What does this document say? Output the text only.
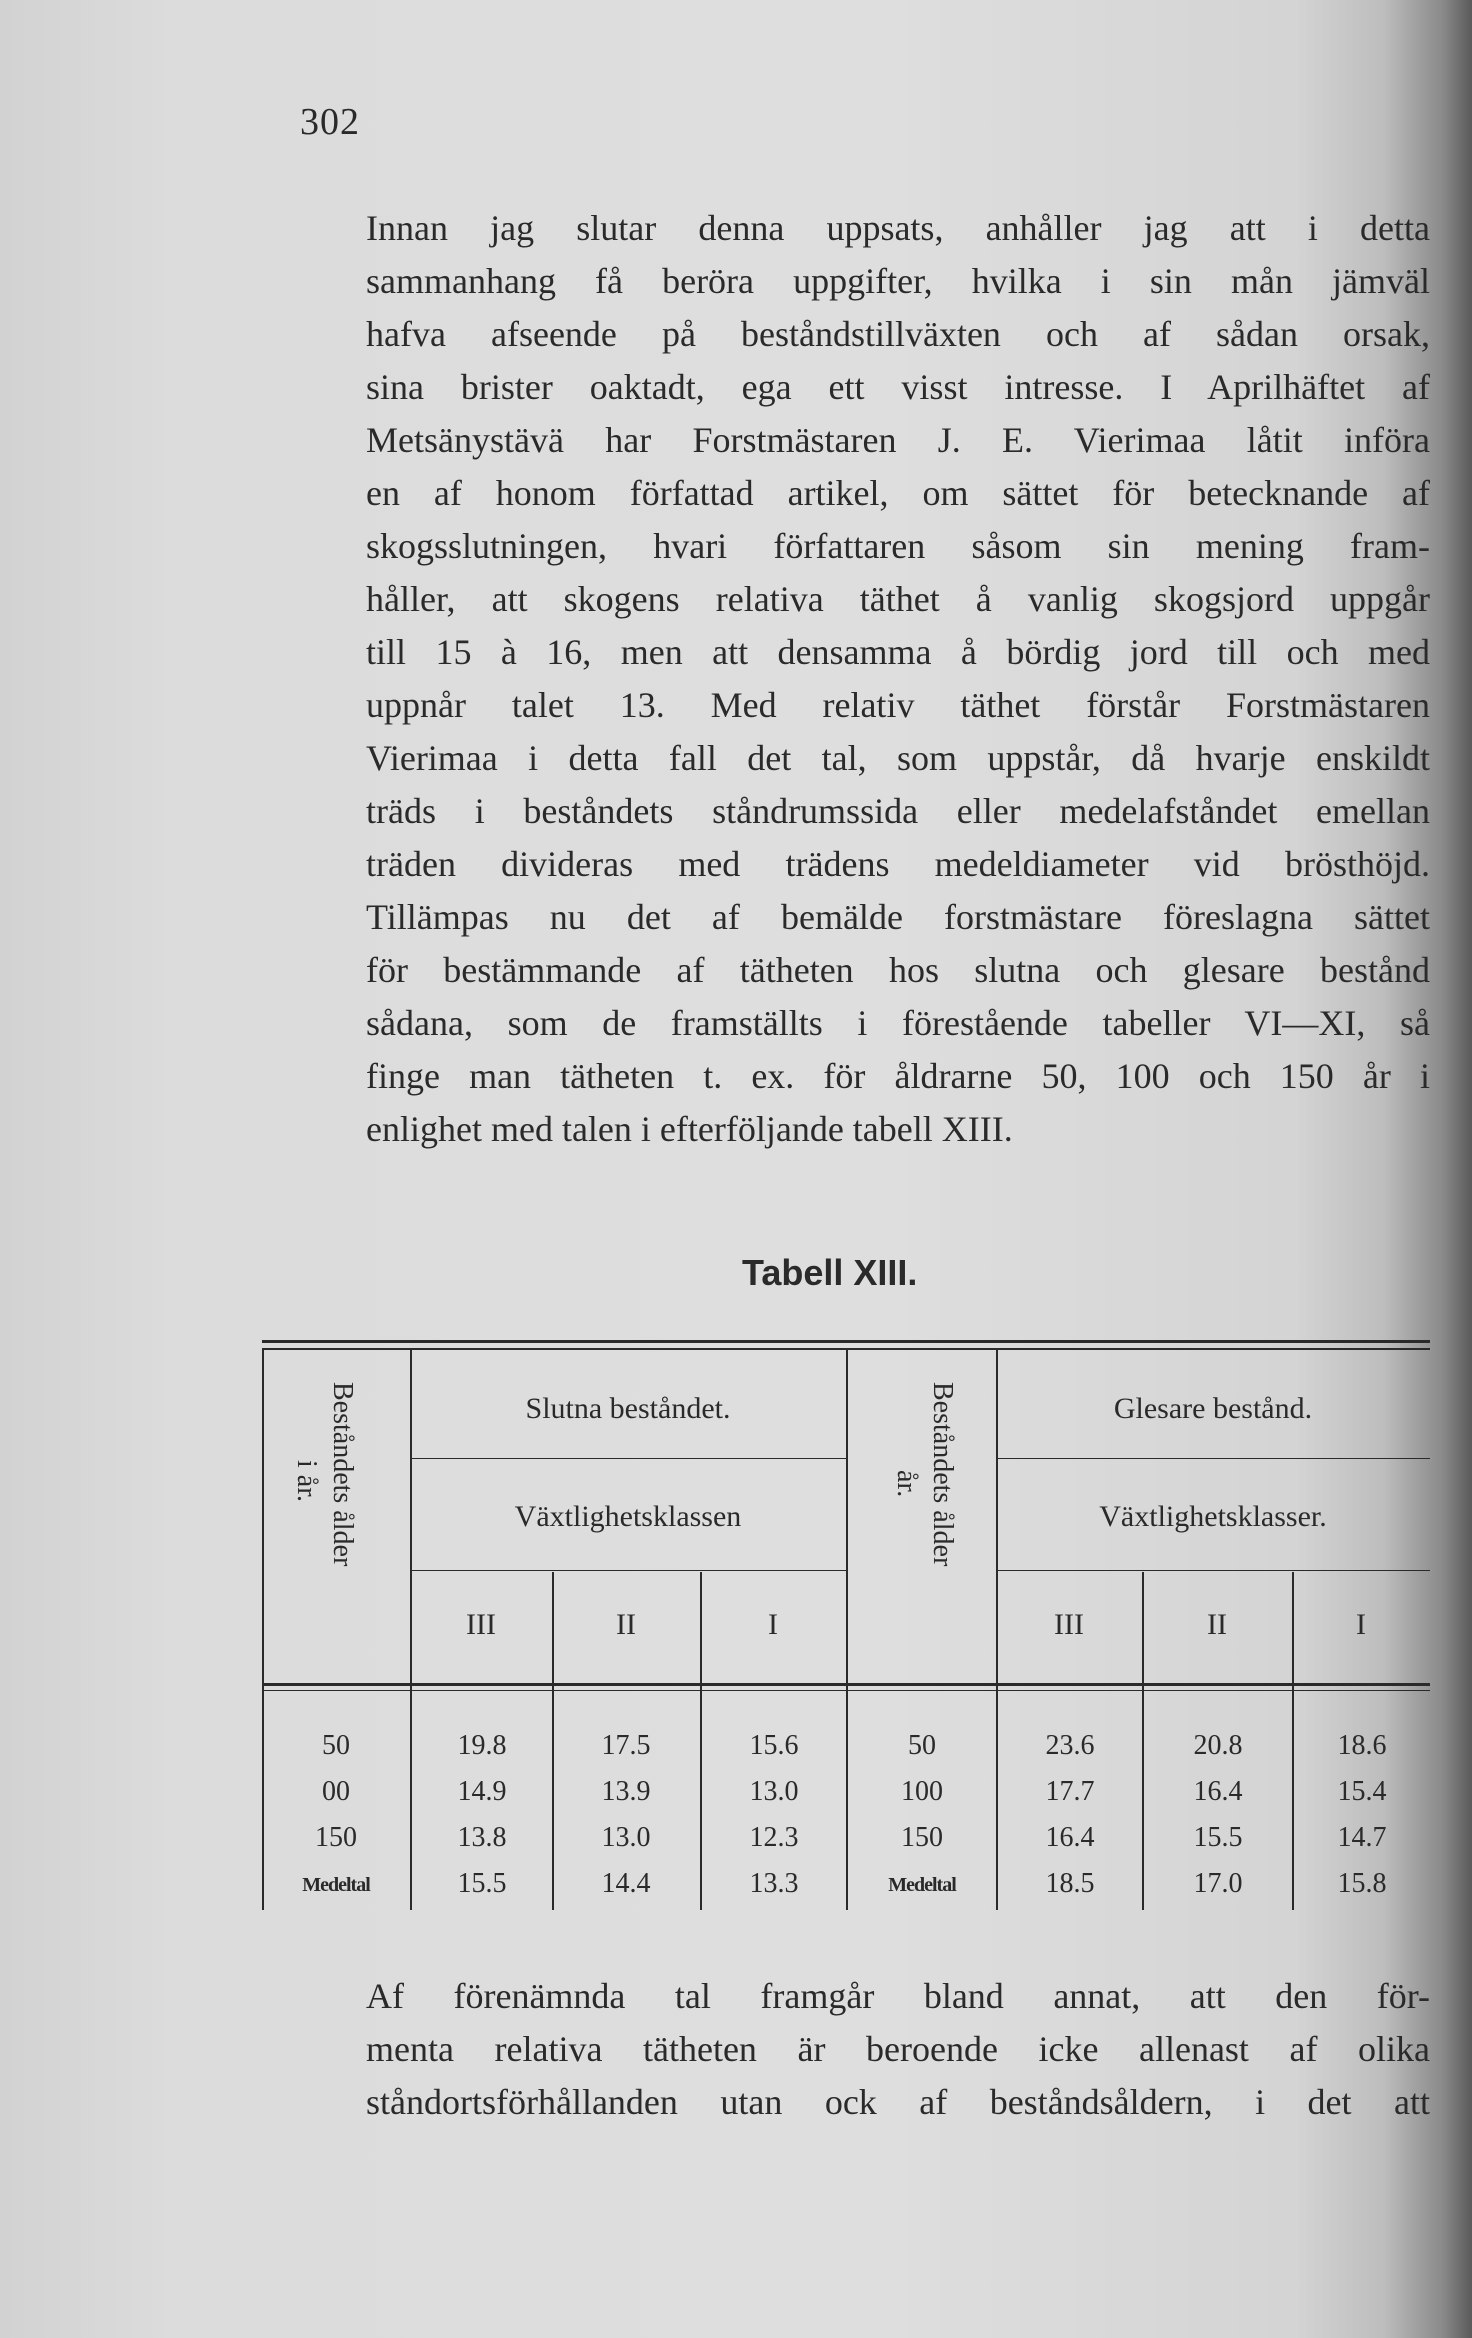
302
Innan jag slutar denna uppsats, anhåller jag att i detta
sammanhang få beröra uppgifter, hvilka i sin mån jämväl
hafva afseende på beståndstillväxten och af sådan orsak,
sina brister oaktadt, ega ett visst intresse. I Aprilhäftet af
Metsänystävä har Forstmästaren J. E. Vierimaa låtit införa
en af honom författad artikel, om sättet för betecknande af
skogsslutningen, hvari författaren såsom sin mening fram-
håller, att skogens relativa täthet å vanlig skogsjord uppgår
till 15 à 16, men att densamma å bördig jord till och med
uppnår talet 13. Med relativ täthet förstår Forstmästaren
Vierimaa i detta fall det tal, som uppstår, då hvarje enskildt
träds i beståndets ståndrumssida eller medelafståndet emellan
träden divideras med trädens medeldiameter vid brösthöjd.
Tillämpas nu det af bemälde forstmästare föreslagna sättet
för bestämmande af tätheten hos slutna och glesare bestånd
sådana, som de framställts i förestående tabeller VI—XI, så
finge man tätheten t. ex. för åldrarne 50, 100 och 150 år i
enlighet med talen i efterföljande tabell XIII.
Tabell XIII.
Beståndets ålder
i år.	Beståndets ålder
år.
Slutna beståndet.
Växtlighetsklassen
Glesare bestånd.
Växtlighetsklasser.
III	II	I	III	II	I
50	19.8	17.5	15.6	50	23.6	20.8	18.6
00	14.9	13.9	13.0	100	17.7	16.4	15.4
150	13.8	13.0	12.3	150	16.4	15.5	14.7
Medeltal	15.5	14.4	13.3	Medeltal	18.5	17.0	15.8
Af förenämnda tal framgår bland annat, att den för-
menta relativa tätheten är beroende icke allenast af olika
ståndortsförhållanden utan ock af beståndsåldern, i det att
